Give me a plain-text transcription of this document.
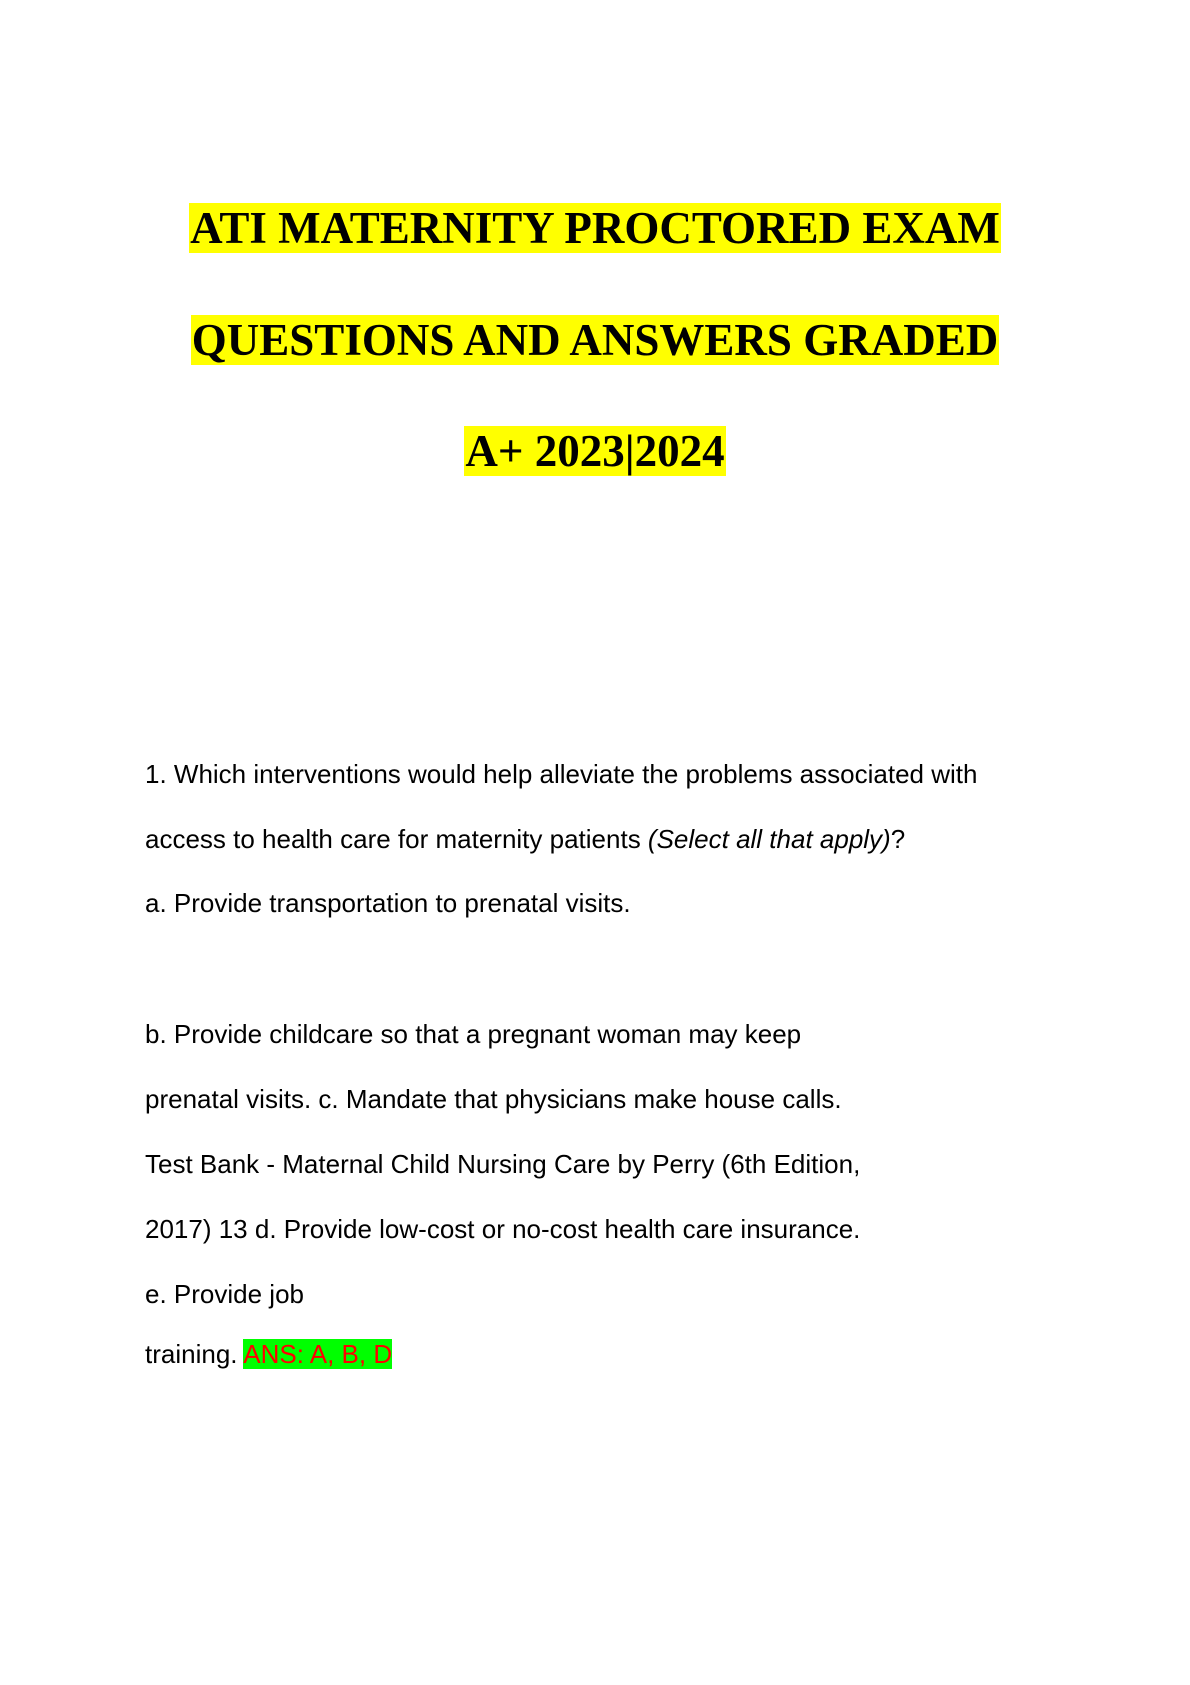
ATI MATERNITY PROCTORED EXAM
QUESTIONS AND ANSWERS GRADED
A+ 2023|2024
1. Which interventions would help alleviate the problems associated with
access to health care for maternity patients (Select all that apply)?
a. Provide transportation to prenatal visits.
b. Provide childcare so that a pregnant woman may keep
prenatal visits. c. Mandate that physicians make house calls.
Test Bank - Maternal Child Nursing Care by Perry (6th Edition,
2017) 13 d. Provide low-cost or no-cost health care insurance.
e. Provide job
training. ANS: A, B, D
